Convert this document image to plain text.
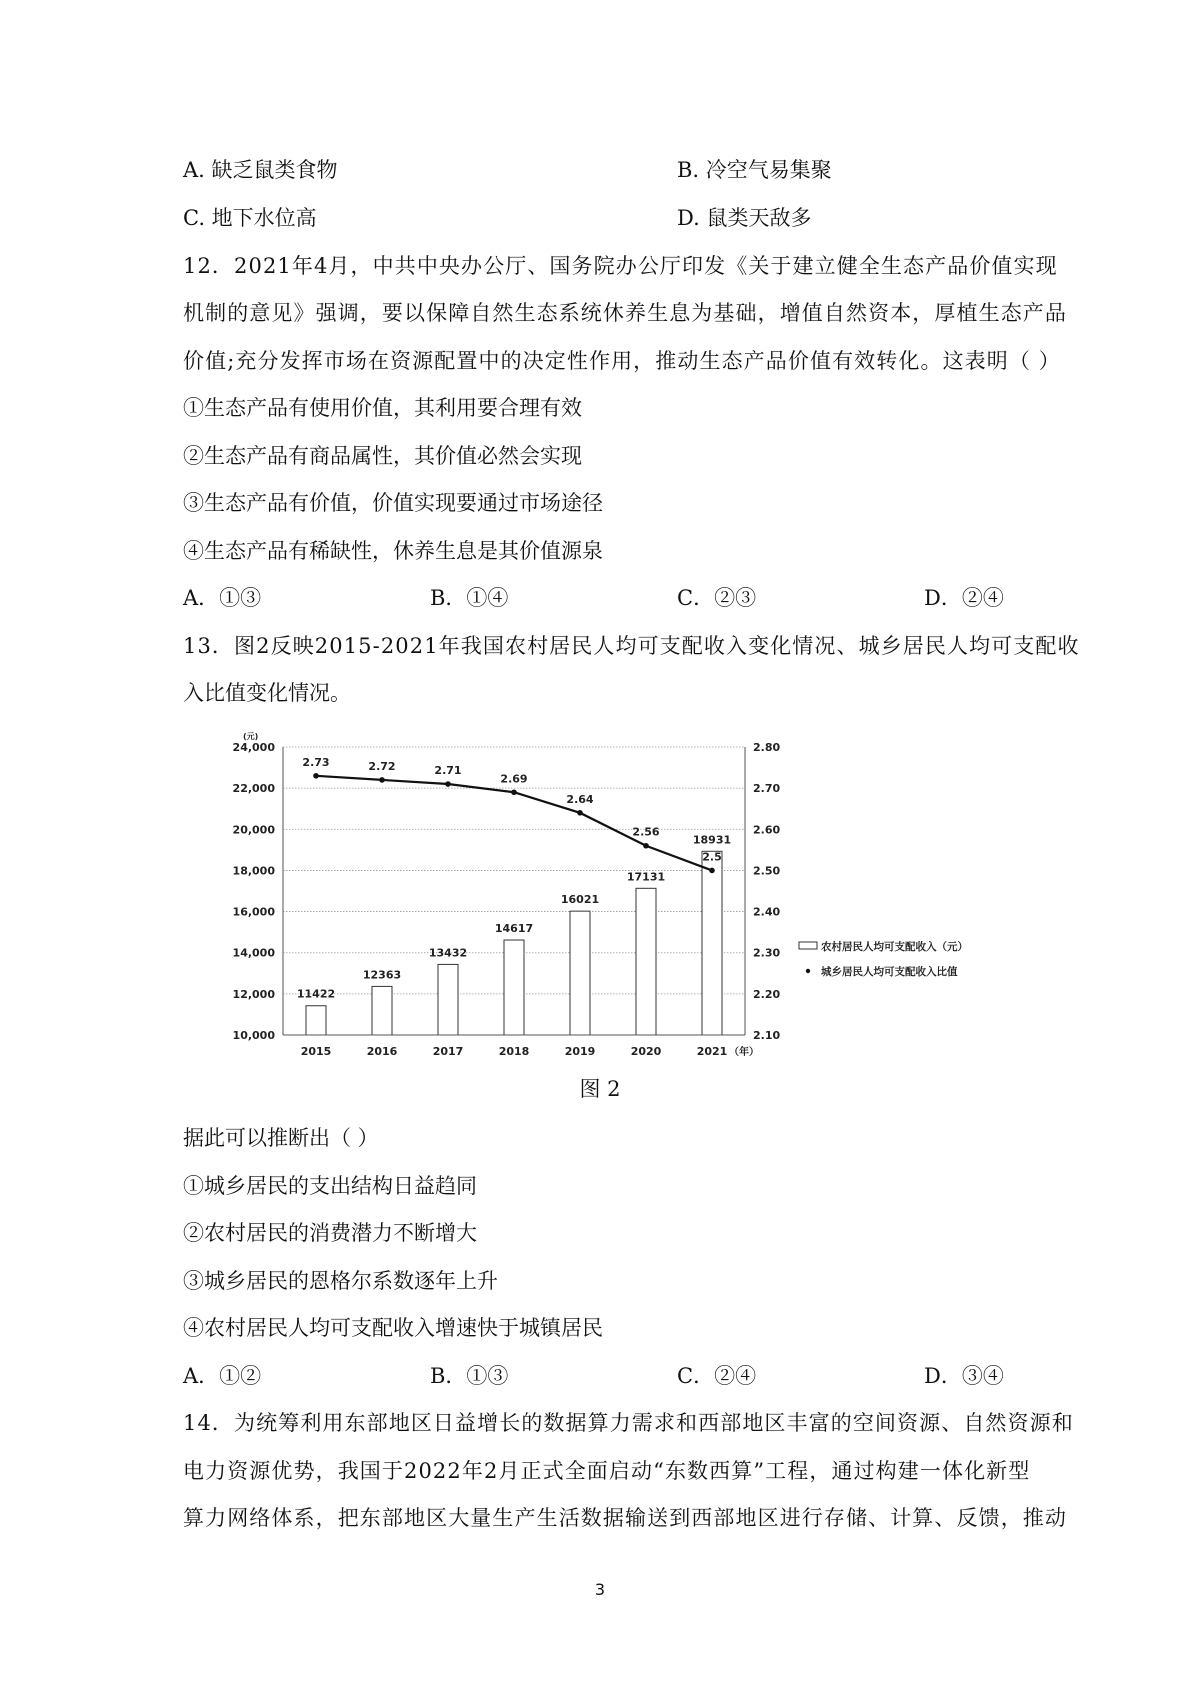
A. 缺乏鼠类食物	B. 冷空气易集聚
C. 地下水位高	D. 鼠类天敌多

12．2021年4月，中共中央办公厅、国务院办公厅印发《关于建立健全生态产品价值实现

机制的意见》强调，要以保障自然生态系统休养生息为基础，增值自然资本，厚植生态产品

价值;充分发挥市场在资源配置中的决定性作用，推动生态产品价值有效转化。这表明（ ）

①生态产品有使用价值，其利用要合理有效

②生态产品有商品属性，其价值必然会实现

③生态产品有价值，价值实现要通过市场途径

④生态产品有稀缺性，休养生息是其价值源泉

A．①③	B．①④	C．②③	D．②④

13．图2反映2015-2021年我国农村居民人均可支配收入变化情况、城乡居民人均可支配收

入比值变化情况。

11422
12363
13432
14617
16021
17131
18931
2.73	2.72	2.71
2.69
2.64
2.56
2.5
10,000
12,000
14,000
16,000
18,000
20,000
22,000
24,000
2.10
2.20
2.30
2.40
2.50
2.60
2.70
2.80
(元)
2015	2016	2017	2018	2019	2020	2021 （年）
农村居民人均可支配收入（元）
城乡居民人均可支配收入比值
图 2

据此可以推断出（ ）

①城乡居民的支出结构日益趋同

②农村居民的消费潜力不断增大

③城乡居民的恩格尔系数逐年上升

④农村居民人均可支配收入增速快于城镇居民

A．①②	B．①③	C．②④	D．③④

14．为统筹利用东部地区日益增长的数据算力需求和西部地区丰富的空间资源、自然资源和

电力资源优势，我国于2022年2月正式全面启动“东数西算”工程，通过构建一体化新型

算力网络体系，把东部地区大量生产生活数据输送到西部地区进行存储、计算、反馈，推动

3
